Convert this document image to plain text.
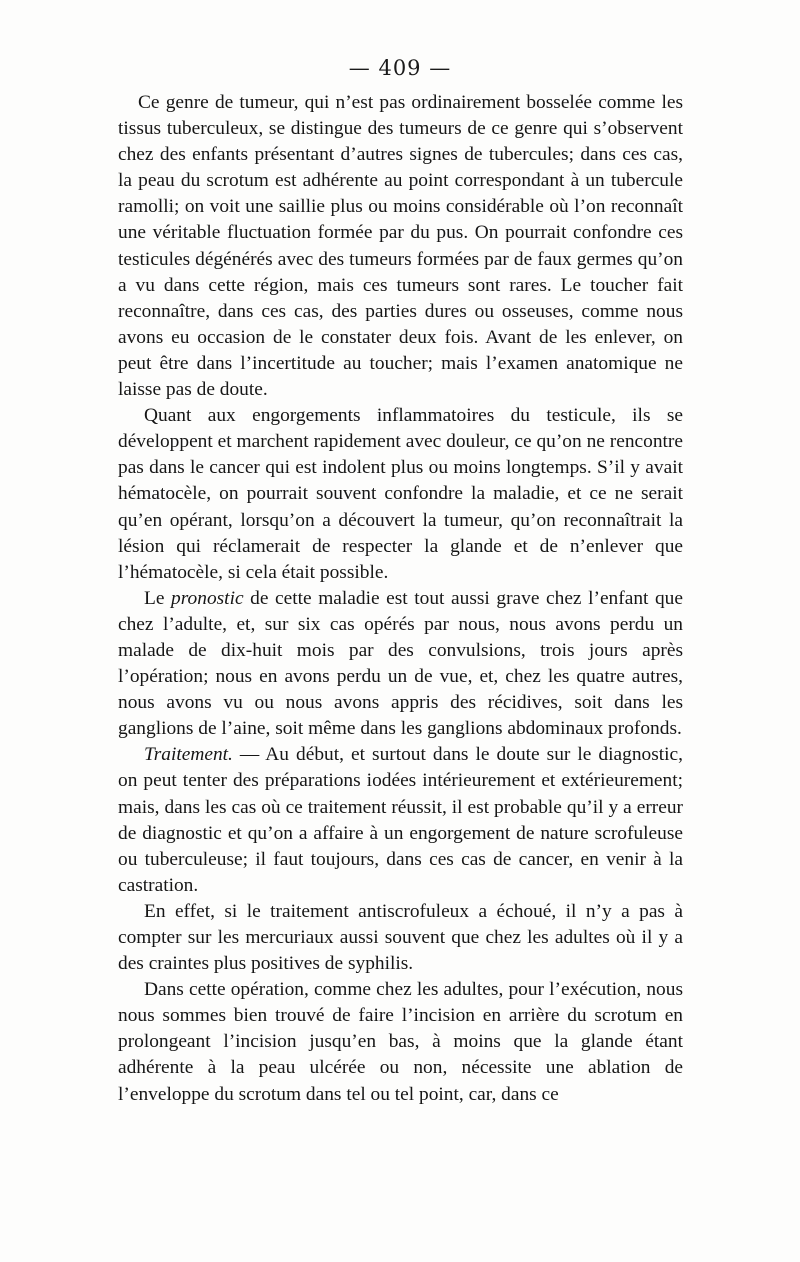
— 409 —

Ce genre de tumeur, qui n’est pas ordinairement bosselée comme les tissus tuberculeux, se distingue des tumeurs de ce genre qui s’observent chez des enfants présentant d’autres signes de tubercules; dans ces cas, la peau du scrotum est adhérente au point correspondant à un tubercule ramolli; on voit une saillie plus ou moins considérable où l’on reconnaît une véritable fluctuation formée par du pus. On pourrait confondre ces testicules dégénérés avec des tumeurs formées par de faux germes qu’on a vu dans cette région, mais ces tumeurs sont rares. Le toucher fait reconnaître, dans ces cas, des parties dures ou osseuses, comme nous avons eu occasion de le constater deux fois. Avant de les enlever, on peut être dans l’incertitude au toucher; mais l’examen anatomique ne laisse pas de doute.

Quant aux engorgements inflammatoires du testicule, ils se développent et marchent rapidement avec douleur, ce qu’on ne rencontre pas dans le cancer qui est indolent plus ou moins longtemps. S’il y avait hématocèle, on pourrait souvent confondre la maladie, et ce ne serait qu’en opérant, lorsqu’on a découvert la tumeur, qu’on reconnaîtrait la lésion qui réclamerait de respecter la glande et de n’enlever que l’hématocèle, si cela était possible.

Le pronostic de cette maladie est tout aussi grave chez l’enfant que chez l’adulte, et, sur six cas opérés par nous, nous avons perdu un malade de dix-huit mois par des convulsions, trois jours après l’opération; nous en avons perdu un de vue, et, chez les quatre autres, nous avons vu ou nous avons appris des récidives, soit dans les ganglions de l’aine, soit même dans les ganglions abdominaux profonds.

Traitement. — Au début, et surtout dans le doute sur le diagnostic, on peut tenter des préparations iodées intérieurement et extérieurement; mais, dans les cas où ce traitement réussit, il est probable qu’il y a erreur de diagnostic et qu’on a affaire à un engorgement de nature scrofuleuse ou tuberculeuse; il faut toujours, dans ces cas de cancer, en venir à la castration.

En effet, si le traitement antiscrofuleux a échoué, il n’y a pas à compter sur les mercuriaux aussi souvent que chez les adultes où il y a des craintes plus positives de syphilis.

Dans cette opération, comme chez les adultes, pour l’exécution, nous nous sommes bien trouvé de faire l’incision en arrière du scrotum en prolongeant l’incision jusqu’en bas, à moins que la glande étant adhérente à la peau ulcérée ou non, nécessite une ablation de l’enveloppe du scrotum dans tel ou tel point, car, dans ce
